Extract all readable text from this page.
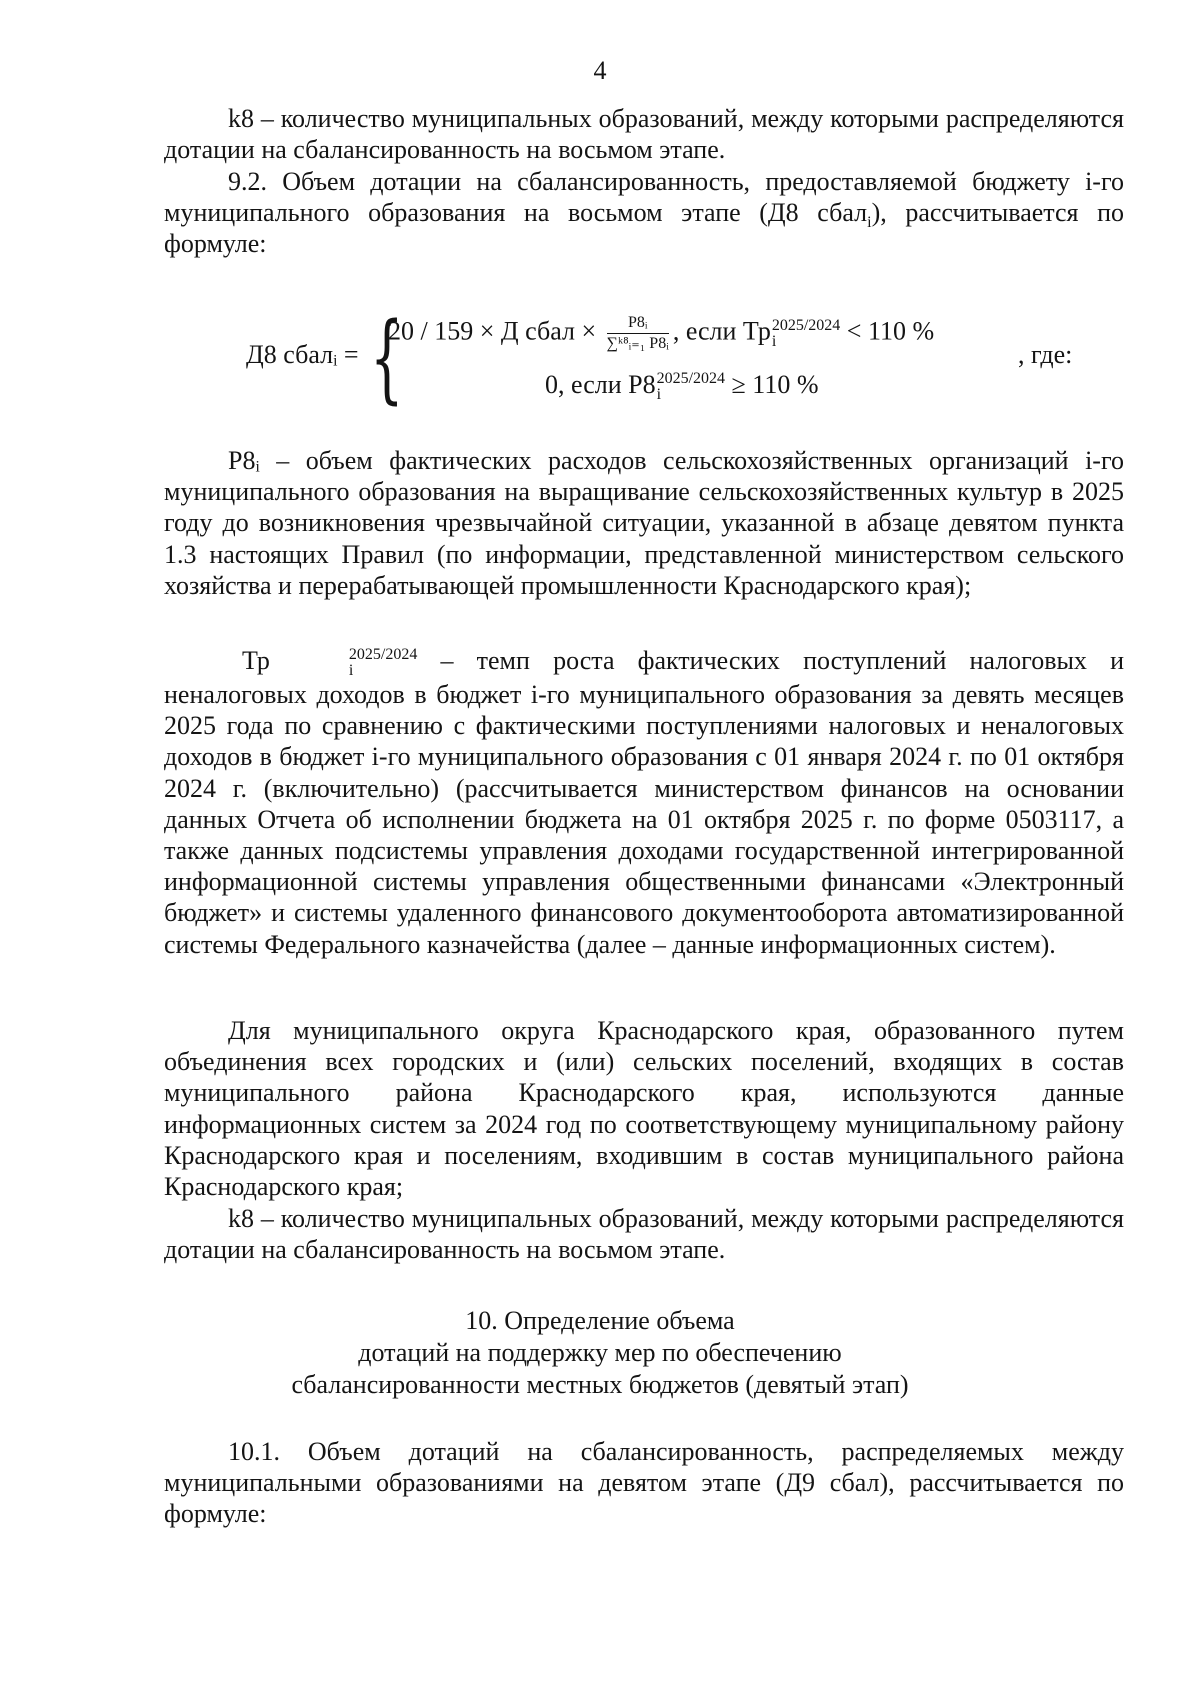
4
k8 – количество муниципальных образований, между которыми распределяются дотации на сбалансированность на восьмом этапе.
9.2. Объем дотации на сбалансированность, предоставляемой бюджету i-го муниципального образования на восьмом этапе (Д8 сбал$_i$), рассчитывается по формуле:
Д8 сбалᵢ = {
20 / 159 × Д сбал × $\frac{\text{Р8ᵢ}}{\text{∑ᵏ⁸ᵢ₌₁ Р8ᵢ}}$ , если Тр 2025/2024
i	< 110 %
0, если Р8 2025/2024
i	≥ 110 %
, где:
Р8ᵢ – объем фактических расходов сельскохозяйственных организаций i-го муниципального образования на выращивание сельскохозяйственных культур в 2025 году до возникновения чрезвычайной ситуации, указанной в абзаце девятом пункта 1.3 настоящих Правил (по информации, представленной министерством сельского хозяйства и перерабатывающей промышленности Краснодарского края);
Тр	2025/2024
i	– темп роста фактических поступлений налоговых и неналоговых доходов в бюджет i-го муниципального образования за девять месяцев 2025 года по сравнению с фактическими поступлениями налоговых и неналоговых доходов в бюджет i-го муниципального образования с 01 января 2024 г. по 01 октября 2024 г. (включительно) (рассчитывается министерством финансов на основании данных Отчета об исполнении бюджета на 01 октября 2025 г. по форме 0503117, а также данных подсистемы управления доходами государственной интегрированной информационной системы управления общественными финансами «Электронный бюджет» и системы удаленного финансового документооборота автоматизированной системы Федерального казначейства (далее – данные информационных систем).
Для муниципального округа Краснодарского края, образованного путем объединения всех городских и (или) сельских поселений, входящих в состав муниципального района Краснодарского края, используются данные информационных систем за 2024 год по соответствующему муниципальному району Краснодарского края и поселениям, входившим в состав муниципального района Краснодарского края;
k8 – количество муниципальных образований, между которыми распределяются дотации на сбалансированность на восьмом этапе.
10. Определение объема
дотаций на поддержку мер по обеспечению
сбалансированности местных бюджетов (девятый этап)
10.1. Объем дотаций на сбалансированность, распределяемых между муниципальными образованиями на девятом этапе (Д9 сбал), рассчитывается по формуле:
